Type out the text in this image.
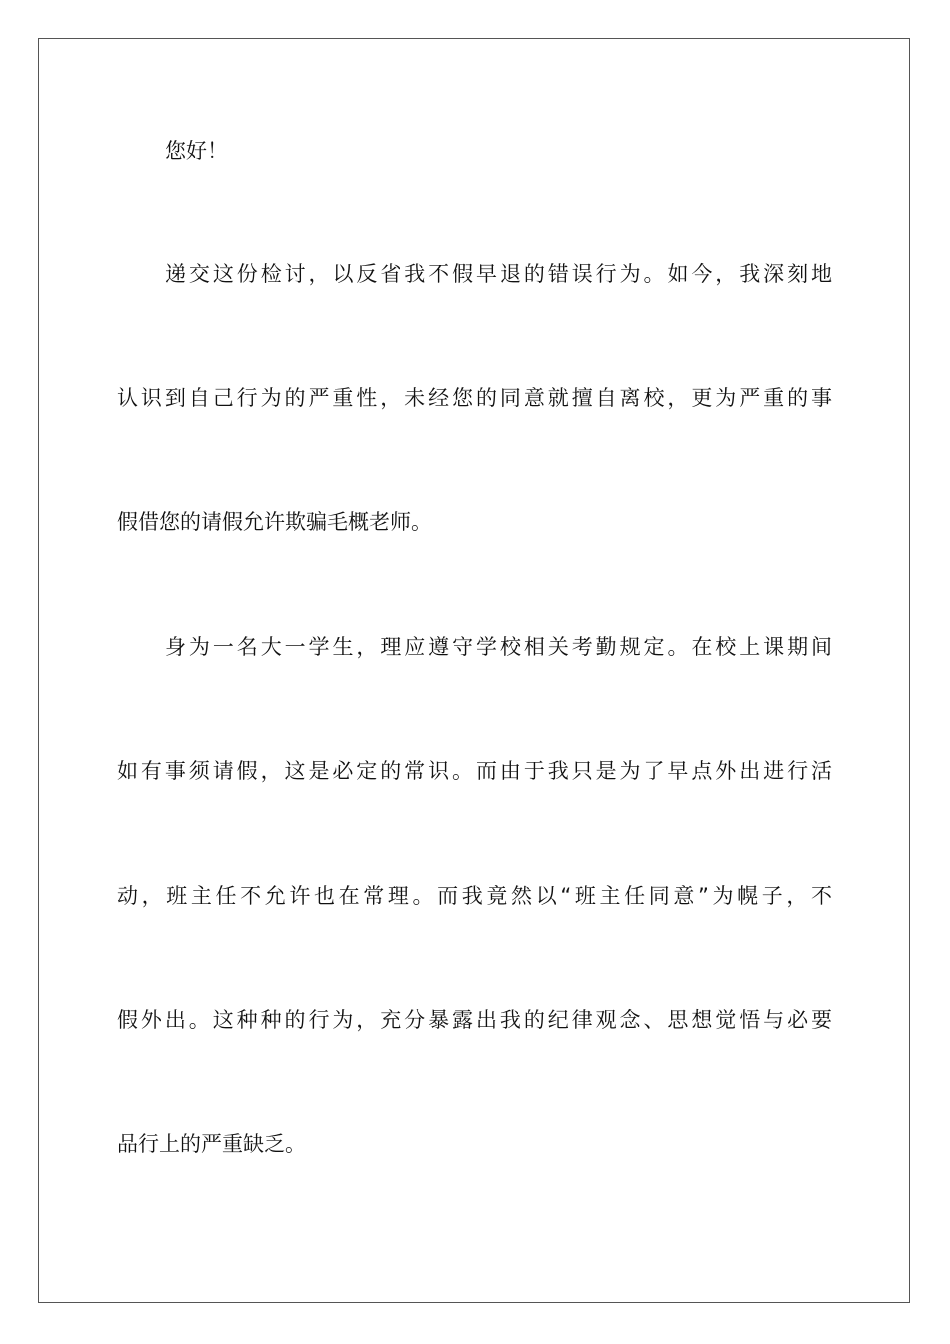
您好！

递交这份检讨，以反省我不假早退的错误行为。如今，我深刻地

认识到自己行为的严重性，未经您的同意就擅自离校，更为严重的事

假借您的请假允许欺骗毛概老师。

身为一名大一学生，理应遵守学校相关考勤规定。在校上课期间

如有事须请假，这是必定的常识。而由于我只是为了早点外出进行活

动，班主任不允许也在常理。而我竟然以“班主任同意”为幌子，不

假外出。这种种的行为，充分暴露出我的纪律观念、思想觉悟与必要

品行上的严重缺乏。
